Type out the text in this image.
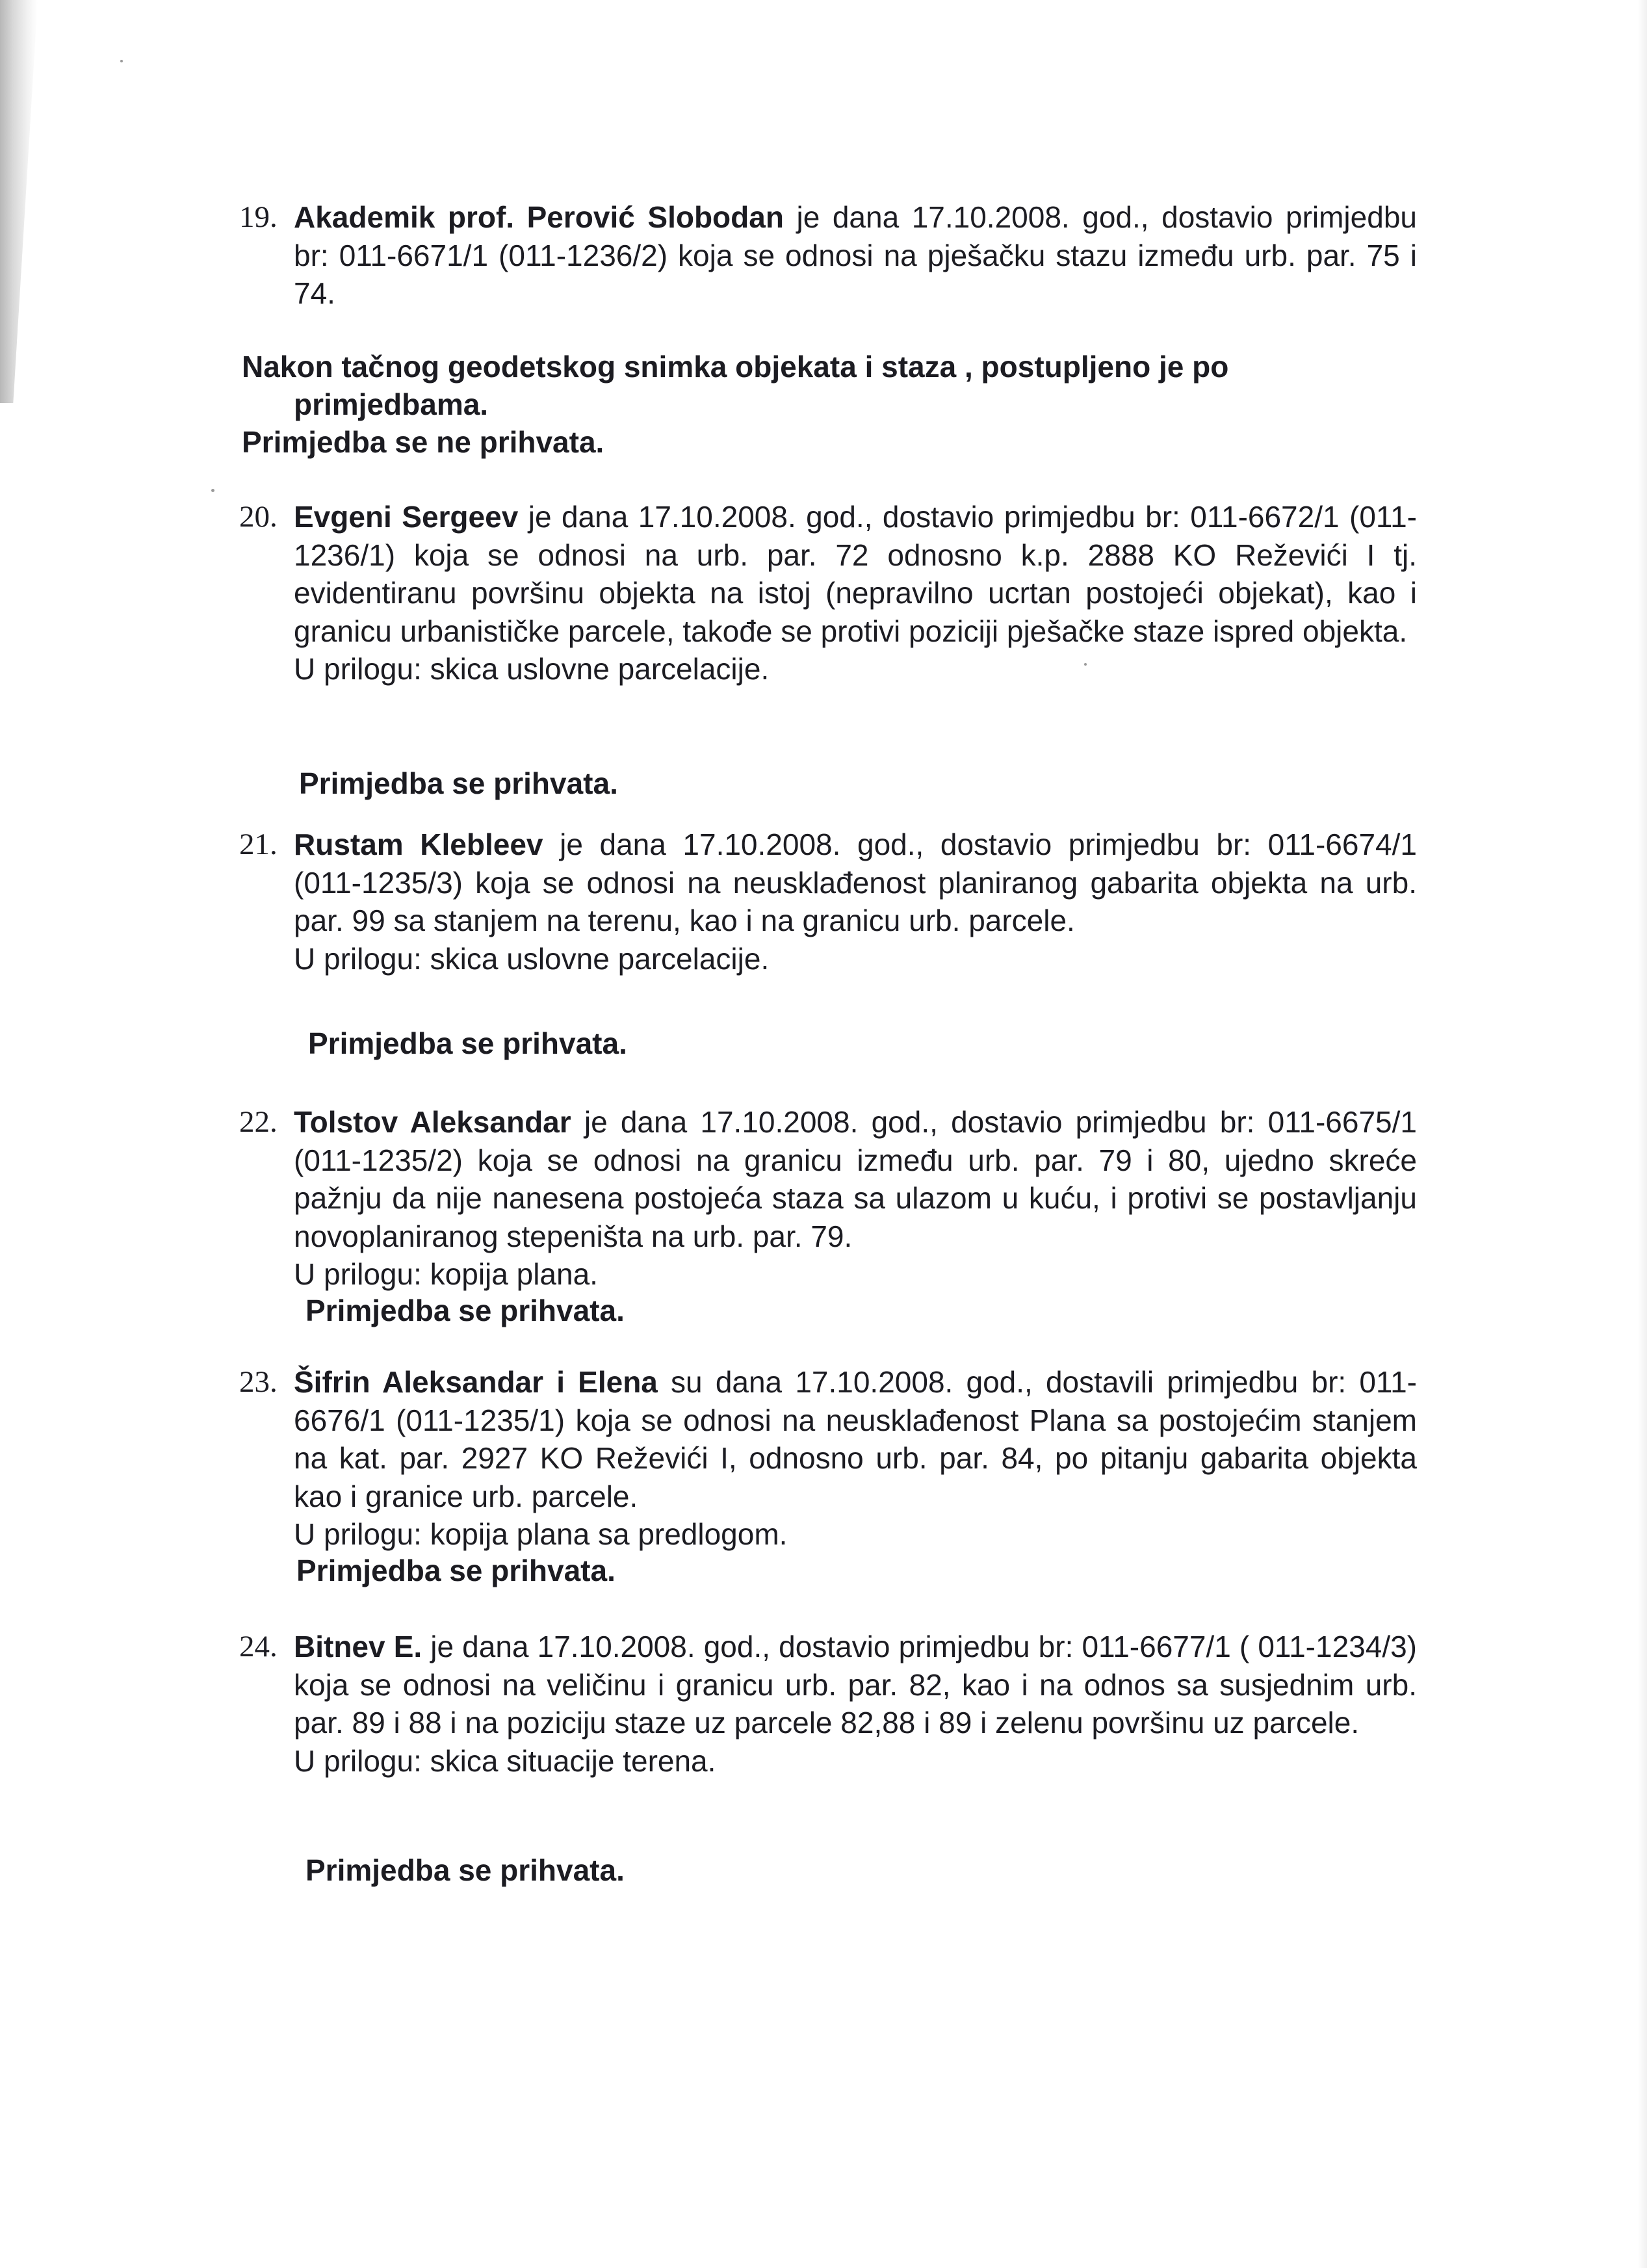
19. Akademik prof. Perović Slobodan je dana 17.10.2008. god., dostavio primjedbu br: 011-6671/1 (011-1236/2) koja se odnosi na pješačku stazu između urb. par. 75 i 74.

Nakon tačnog geodetskog snimka objekata i staza , postupljeno je po
primjedbama.
Primjedba se ne prihvata.
20. Evgeni Sergeev je dana 17.10.2008. god., dostavio primjedbu br: 011-6672/1 (011-1236/1) koja se odnosi na urb. par. 72 odnosno k.p. 2888 KO Reževići I tj. evidentiranu površinu objekta na istoj (nepravilno ucrtan postojeći objekat), kao i granicu urbanističke parcele, takođe se protivi poziciji pješačke staze ispred objekta.

U prilogu: skica uslovne parcelacije.

Primjedba se prihvata.
21. Rustam Klebleev je dana 17.10.2008. god., dostavio primjedbu br: 011-6674/1 (011-1235/3) koja se odnosi na neusklađenost planiranog gabarita objekta na urb. par. 99 sa stanjem na terenu, kao i na granicu urb. parcele.

U prilogu: skica uslovne parcelacije.

Primjedba se prihvata.
22. Tolstov Aleksandar je dana 17.10.2008. god., dostavio primjedbu br: 011-6675/1 (011-1235/2) koja se odnosi na granicu između urb. par. 79 i 80, ujedno skreće pažnju da nije nanesena postojeća staza sa ulazom u kuću, i protivi se postavljanju novoplaniranog stepeništa na urb. par. 79.

U prilogu: kopija plana.

Primjedba se prihvata.
23. Šifrin Aleksandar i Elena su dana 17.10.2008. god., dostavili primjedbu br: 011-6676/1 (011-1235/1) koja se odnosi na neusklađenost Plana sa postojećim stanjem na kat. par. 2927 KO Reževići I, odnosno urb. par. 84, po pitanju gabarita objekta kao i granice urb. parcele.

U prilogu: kopija plana sa predlogom.

Primjedba se prihvata.
24. Bitnev E. je dana 17.10.2008. god., dostavio primjedbu br: 011-6677/1 ( 011-1234/3) koja se odnosi na veličinu i granicu urb. par. 82, kao i na odnos sa susjednim urb. par. 89 i 88 i na poziciju staze uz parcele 82,88 i 89 i zelenu površinu uz parcele.

U prilogu: skica situacije terena.

Primjedba se prihvata.
